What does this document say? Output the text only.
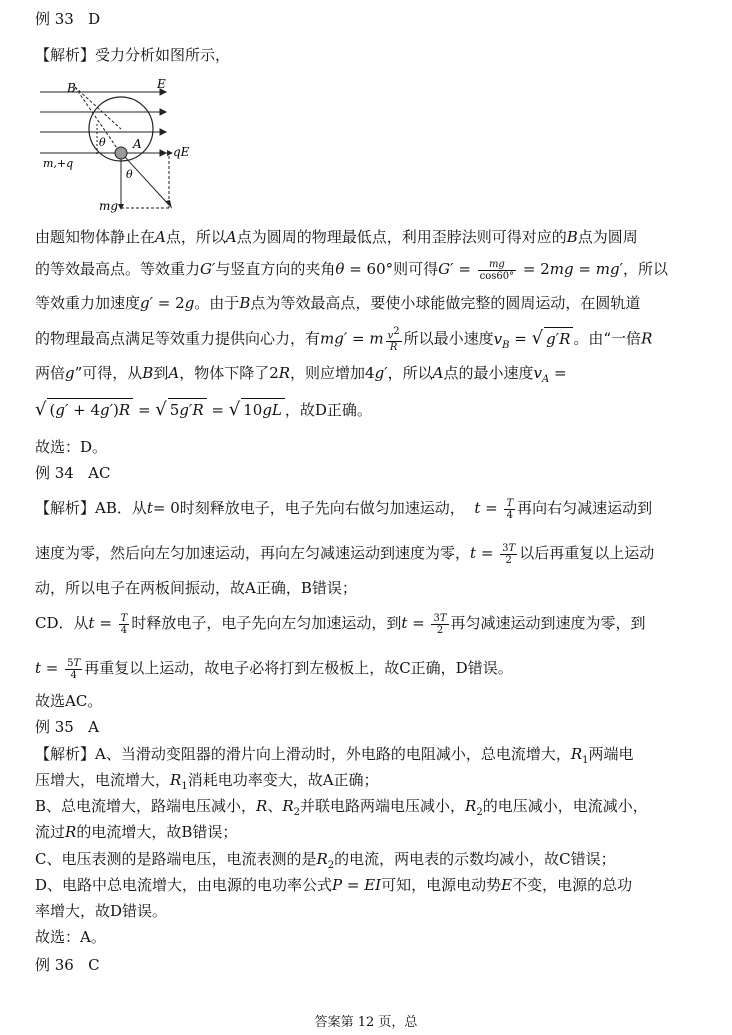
例 33 D
【解析】受力分析如图所示，
B	E
θ A
qE
m,+q
θ
mg
由题知物体静止在A点，所以A点为圆周的物理最低点，利用歪脖法则可得对应的B点为圆周
的等效最高点。等效重力G′与竖直方向的夹角θ = 60°则可得$G' = \frac{mg}{\cos 60^\circ} = 2mg = mg'$，所以
等效重力加速度g′ = 2g。由于B点为等效最高点，要使小球能做完整的圆周运动，在圆轨道
的物理最高点满足等效重力提供向心力，有mg′ = m $\frac{v^2}{R}$ 所以最小速度$v_B$ = √ g′R 。由“一倍R
两倍g”可得，从B到A，物体下降了2R，则应增加4g′，所以A点的最小速度$v_A$ =
√ (g′ + 4g′)R = √ 5g′R = √ 10gL ，故D正确。
故选：D。
例 34 AC
【解析】AB．从t= 0时刻释放电子，电子先向右做匀加速运动，  $t = \frac{T}{4}$ 再向右匀减速运动到
速度为零，然后向左匀加速运动，再向左匀减速运动到速度为零，$t = \frac{3T}{2}$ 以后再重复以上运动
动，所以电子在两板间振动，故A正确，B错误；
CD．从$t = \frac{T}{4}$ 时释放电子，电子先向左匀加速运动，到$t = \frac{3T}{2}$ 再匀减速运动到速度为零，到
$t = \frac{5T}{4}$ 再重复以上运动，故电子必将打到左极板上，故C正确，D错误。
故选AC。
例 35 A
【解析】A、当滑动变阻器的滑片向上滑动时，外电路的电阻减小，总电流增大，$R_1$两端电
压增大，电流增大，$R_1$消耗电功率变大，故A正确；
B、总电流增大，路端电压减小，R、$R_2$并联电路两端电压减小，$R_2$的电压减小，电流减小，
流过R的电流增大，故B错误；
C、电压表测的是路端电压，电流表测的是$R_2$的电流，两电表的示数均减小，故C错误；
D、电路中总电流增大，由电源的电功率公式P = EI可知，电源电动势E不变，电源的总功
率增大，故D错误。
故选：A。
例 36 C
答案第 12 页，总
